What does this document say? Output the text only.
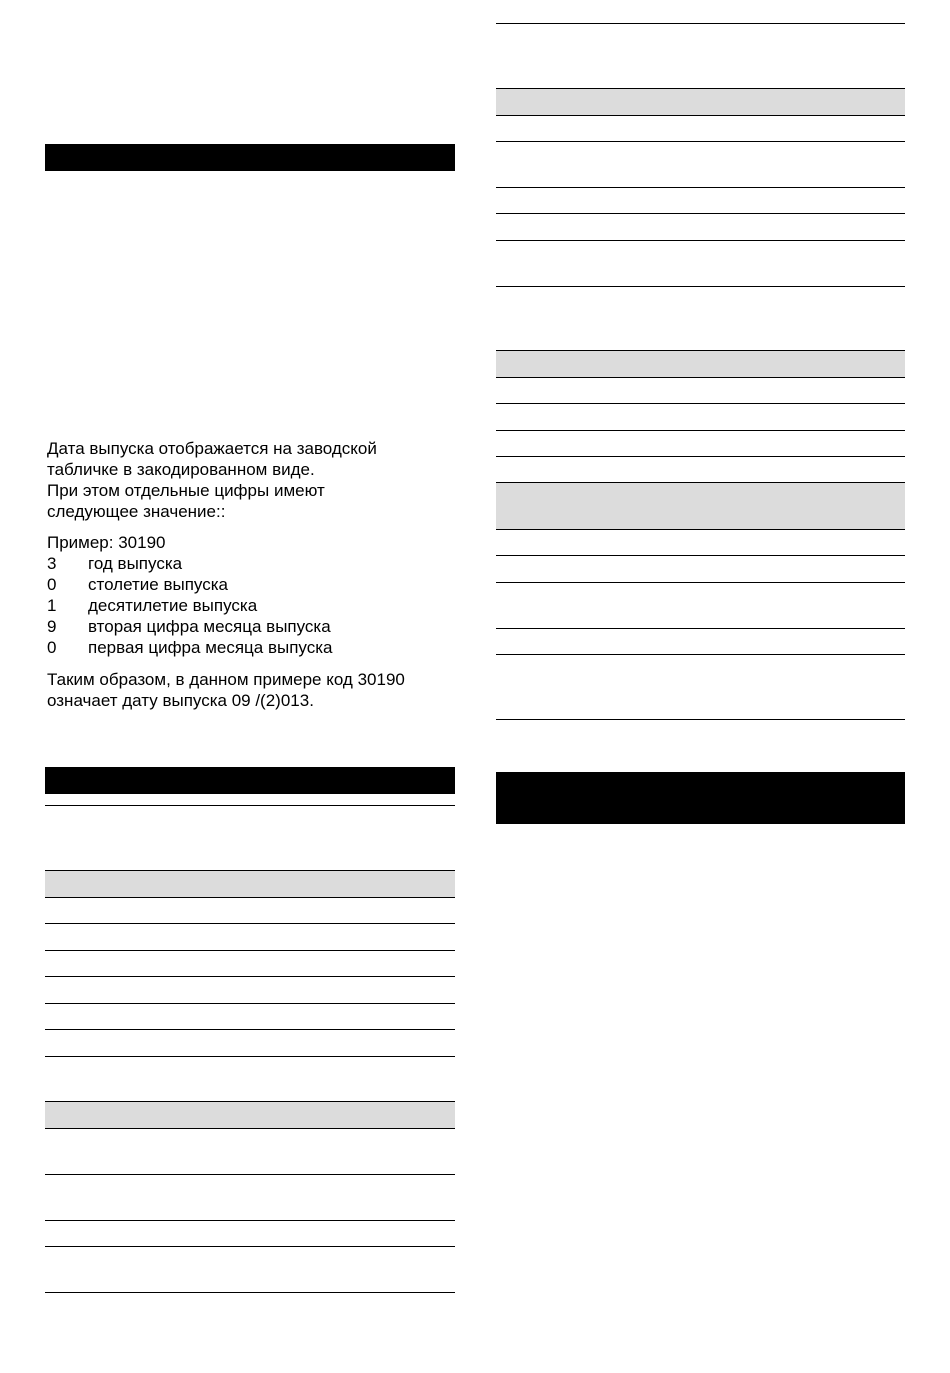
Дата выпуска отображается на заводской
табличке в закодированном виде.
При этом отдельные цифры имеют
следующее значение::
Пример: 30190
3 год выпуска
0 столетие выпуска
1 десятилетие выпуска
9 вторая цифра месяца выпуска
0 первая цифра месяца выпуска
Таким образом, в данном примере код 30190
означает дату выпуска 09 /(2)013.
